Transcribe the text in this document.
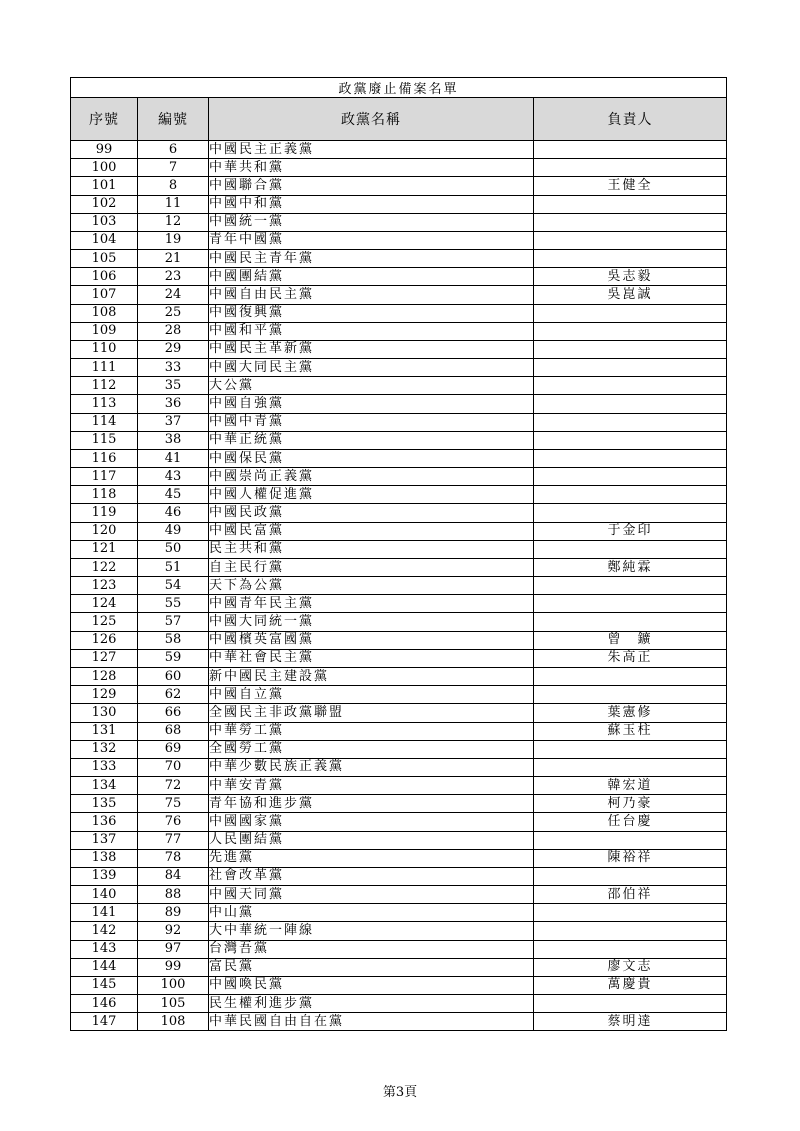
政黨廢止備案名單			
序號	編號	政黨名稱	負責人
99	6	中國民主正義黨	
100	7	中華共和黨	
101	8	中國聯合黨	王健全
102	11	中國中和黨	
103	12	中國統一黨	
104	19	青年中國黨	
105	21	中國民主青年黨	
106	23	中國團結黨	吳志毅
107	24	中國自由民主黨	吳崑誠
108	25	中國復興黨	
109	28	中國和平黨	
110	29	中國民主革新黨	
111	33	中國大同民主黨	
112	35	大公黨	
113	36	中國自強黨	
114	37	中國中青黨	
115	38	中華正統黨	
116	41	中國保民黨	
117	43	中國崇尚正義黨	
118	45	中國人權促進黨	
119	46	中國民政黨	
120	49	中國民富黨	于金印
121	50	民主共和黨	
122	51	自主民行黨	鄭純霖
123	54	天下為公黨	
124	55	中國青年民主黨	
125	57	中國大同統一黨	
126	58	中國檳英富國黨	曾　鑛
127	59	中華社會民主黨	朱高正
128	60	新中國民主建設黨	
129	62	中國自立黨	
130	66	全國民主非政黨聯盟	葉憲修
131	68	中華勞工黨	蘇玉柱
132	69	全國勞工黨	
133	70	中華少數民族正義黨	
134	72	中華安青黨	韓宏道
135	75	青年協和進步黨	柯乃豪
136	76	中國國家黨	任台慶
137	77	人民團結黨	
138	78	先進黨	陳裕祥
139	84	社會改革黨	
140	88	中國天同黨	邵伯祥
141	89	中山黨	
142	92	大中華統一陣線	
143	97	台灣吾黨	
144	99	富民黨	廖文志
145	100	中國喚民黨	萬慶貴
146	105	民生權利進步黨	
147	108	中華民國自由自在黨	蔡明達
第3頁
